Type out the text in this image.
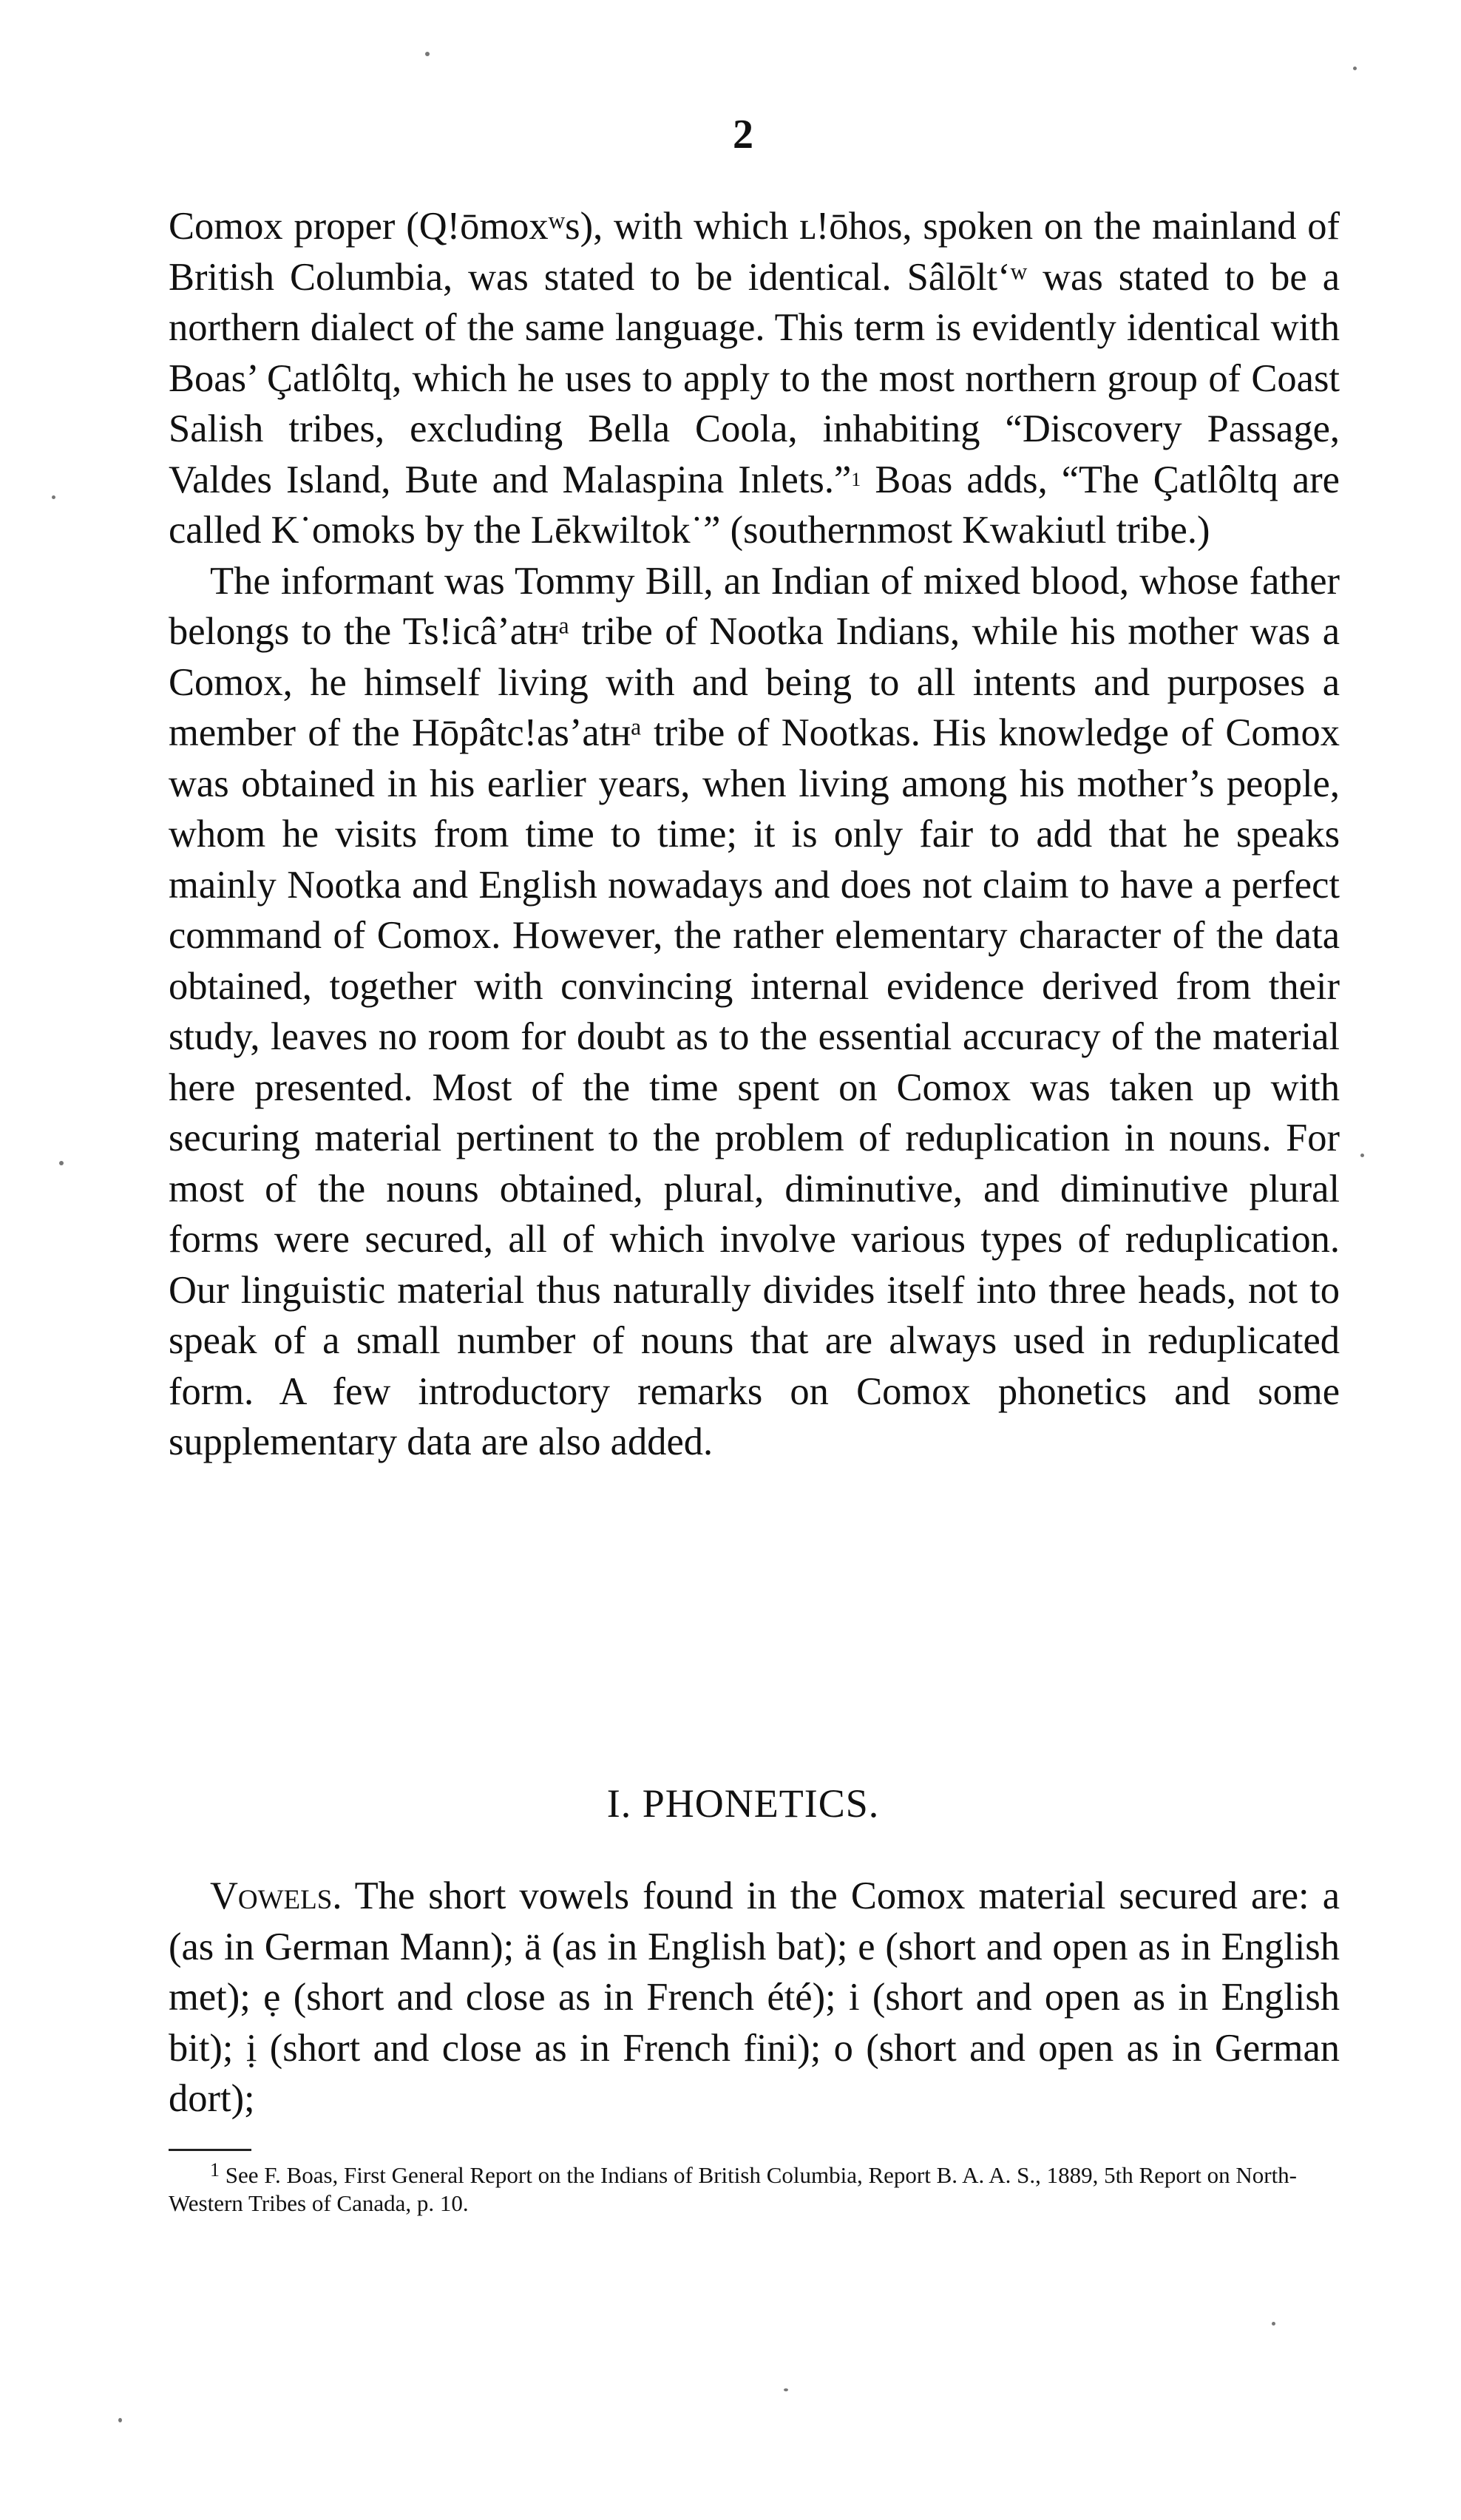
2

Comox proper (Q!ōmoxʷs), with which ʟ!ōhos, spoken on the mainland of British Columbia, was stated to be identical. Sâlōltʻʷ was stated to be a northern dialect of the same language. This term is evidently identical with Boas’ Çatlôltq, which he uses to apply to the most northern group of Coast Salish tribes, excluding Bella Coola, inhabiting “Discovery Passage, Valdes Island, Bute and Malaspina Inlets.”$^1$ Boas adds, “The Çatlôltq are called K˙omoks by the Lēkwiltok˙” (southernmost Kwakiutl tribe.)

The informant was Tommy Bill, an Indian of mixed blood, whose father belongs to the Ts!icâ’atʜᵃ tribe of Nootka Indians, while his mother was a Comox, he himself living with and being to all intents and purposes a member of the Hōpâtc!as’atʜᵃ tribe of Nootkas. His knowledge of Comox was obtained in his earlier years, when living among his mother’s people, whom he visits from time to time; it is only fair to add that he speaks mainly Nootka and English nowadays and does not claim to have a perfect command of Comox. However, the rather elementary character of the data obtained, together with convincing internal evidence derived from their study, leaves no room for doubt as to the essential accuracy of the material here presented. Most of the time spent on Comox was taken up with securing material pertinent to the problem of reduplication in nouns. For most of the nouns obtained, plural, diminutive, and diminutive plural forms were secured, all of which involve various types of reduplication. Our linguistic material thus naturally divides itself into three heads, not to speak of a small number of nouns that are always used in reduplicated form. A few introductory remarks on Comox phonetics and some supplementary data are also added.

I. PHONETICS.

Vowels. The short vowels found in the Comox material secured are: a (as in German Mann); ä (as in English bat); e (short and open as in English met); ẹ (short and close as in French été); i (short and open as in English bit); ị (short and close as in French fini); o (short and open as in German dort);

$^1$ See F. Boas, First General Report on the Indians of British Columbia, Report B. A. A. S., 1889, 5th Report on North-Western Tribes of Canada, p. 10.
